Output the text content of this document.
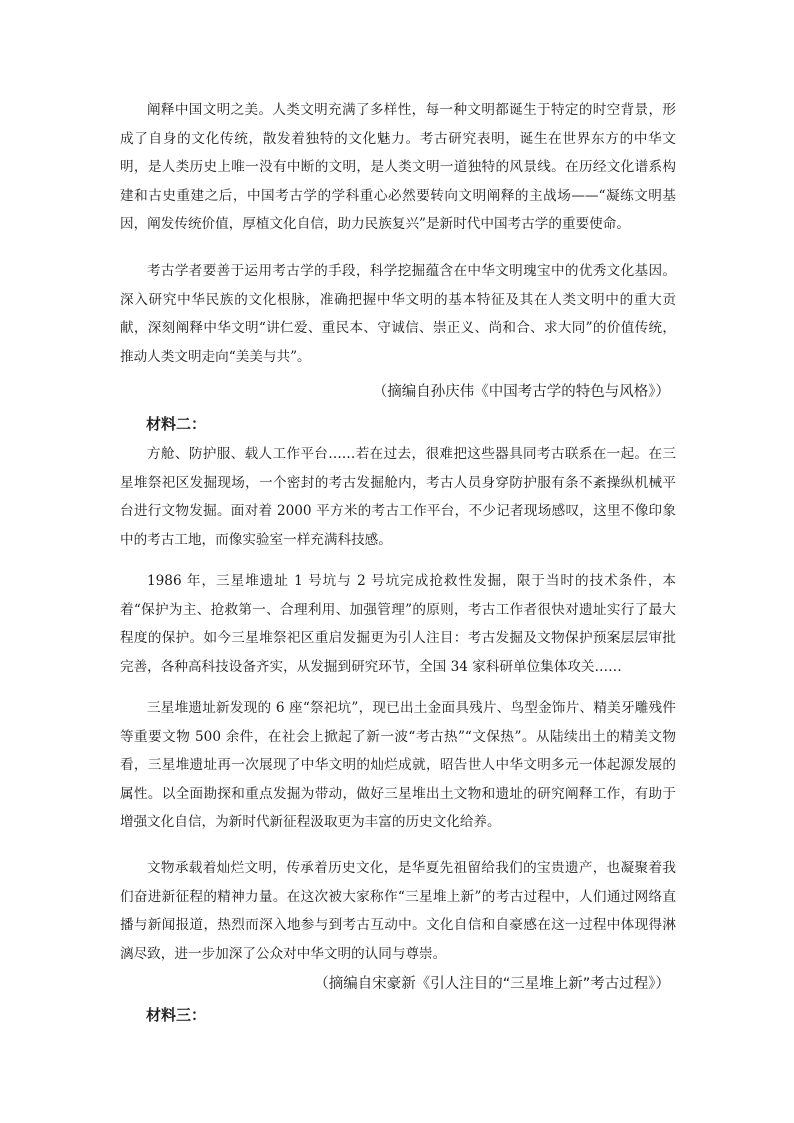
阐释中国文明之美。人类文明充满了多样性，每一种文明都诞生于特定的时空背景，形成了自身的文化传统，散发着独特的文化魅力。考古研究表明，诞生在世界东方的中华文明，是人类历史上唯一没有中断的文明，是人类文明一道独特的风景线。在历经文化谱系构建和古史重建之后，中国考古学的学科重心必然要转向文明阐释的主战场——“凝练文明基因，阐发传统价值，厚植文化自信，助力民族复兴”是新时代中国考古学的重要使命。

考古学者要善于运用考古学的手段，科学挖掘蕴含在中华文明瑰宝中的优秀文化基因。深入研究中华民族的文化根脉，准确把握中华文明的基本特征及其在人类文明中的重大贡献，深刻阐释中华文明“讲仁爱、重民本、守诚信、崇正义、尚和合、求大同”的价值传统，推动人类文明走向“美美与共”。

（摘编自孙庆伟《中国考古学的特色与风格》）

材料二：

方舱、防护服、载人工作平台……若在过去，很难把这些器具同考古联系在一起。在三星堆祭祀区发掘现场，一个密封的考古发掘舱内，考古人员身穿防护服有条不紊操纵机械平台进行文物发掘。面对着 2000 平方米的考古工作平台，不少记者现场感叹，这里不像印象中的考古工地，而像实验室一样充满科技感。

1986 年，三星堆遗址 1 号坑与 2 号坑完成抢救性发掘，限于当时的技术条件，本着“保护为主、抢救第一、合理利用、加强管理”的原则，考古工作者很快对遗址实行了最大程度的保护。如今三星堆祭祀区重启发掘更为引人注目：考古发掘及文物保护预案层层审批完善，各种高科技设备齐实，从发掘到研究环节，全国 34 家科研单位集体攻关……

三星堆遗址新发现的 6 座“祭祀坑”，现已出土金面具残片、鸟型金饰片、精美牙雕残件等重要文物 500 余件，在社会上掀起了新一波“考古热”“文保热”。从陆续出土的精美文物看，三星堆遗址再一次展现了中华文明的灿烂成就，昭告世人中华文明多元一体起源发展的属性。以全面勘探和重点发掘为带动，做好三星堆出土文物和遗址的研究阐释工作，有助于增强文化自信，为新时代新征程汲取更为丰富的历史文化给养。

文物承载着灿烂文明，传承着历史文化，是华夏先祖留给我们的宝贵遗产，也凝聚着我们奋进新征程的精神力量。在这次被大家称作“三星堆上新”的考古过程中，人们通过网络直播与新闻报道，热烈而深入地参与到考古互动中。文化自信和自豪感在这一过程中体现得淋漓尽致，进一步加深了公众对中华文明的认同与尊崇。

（摘编自宋豪新《引人注目的“三星堆上新”考古过程》）

材料三：
